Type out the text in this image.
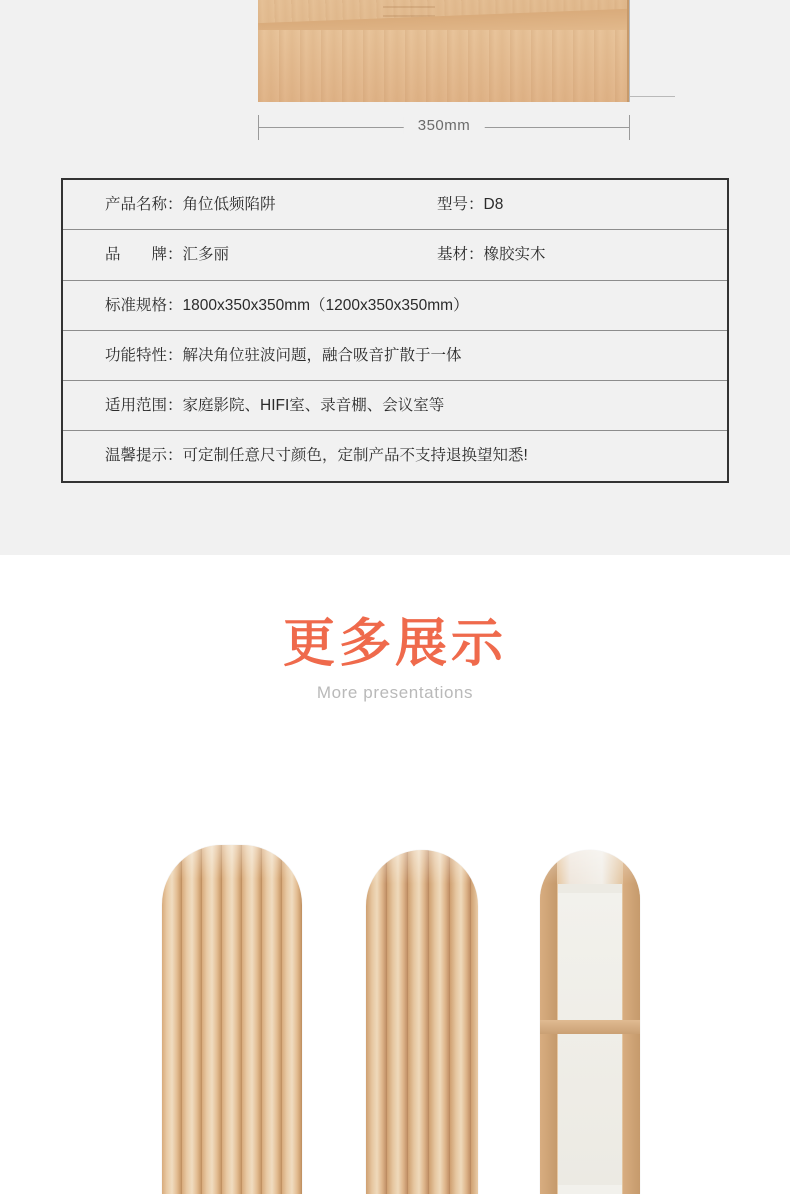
350mm
产品名称：角位低频陷阱	型号：D8
品　　牌：汇多丽	基材：橡胶实木
标准规格：1800x350x350mm（1200x350x350mm）	
功能特性：解决角位驻波问题，融合吸音扩散于一体	
适用范围：家庭影院、HIFI室、录音棚、会议室等	
温馨提示：可定制任意尺寸颜色，定制产品不支持退换望知悉!	
更多展示
More presentations
